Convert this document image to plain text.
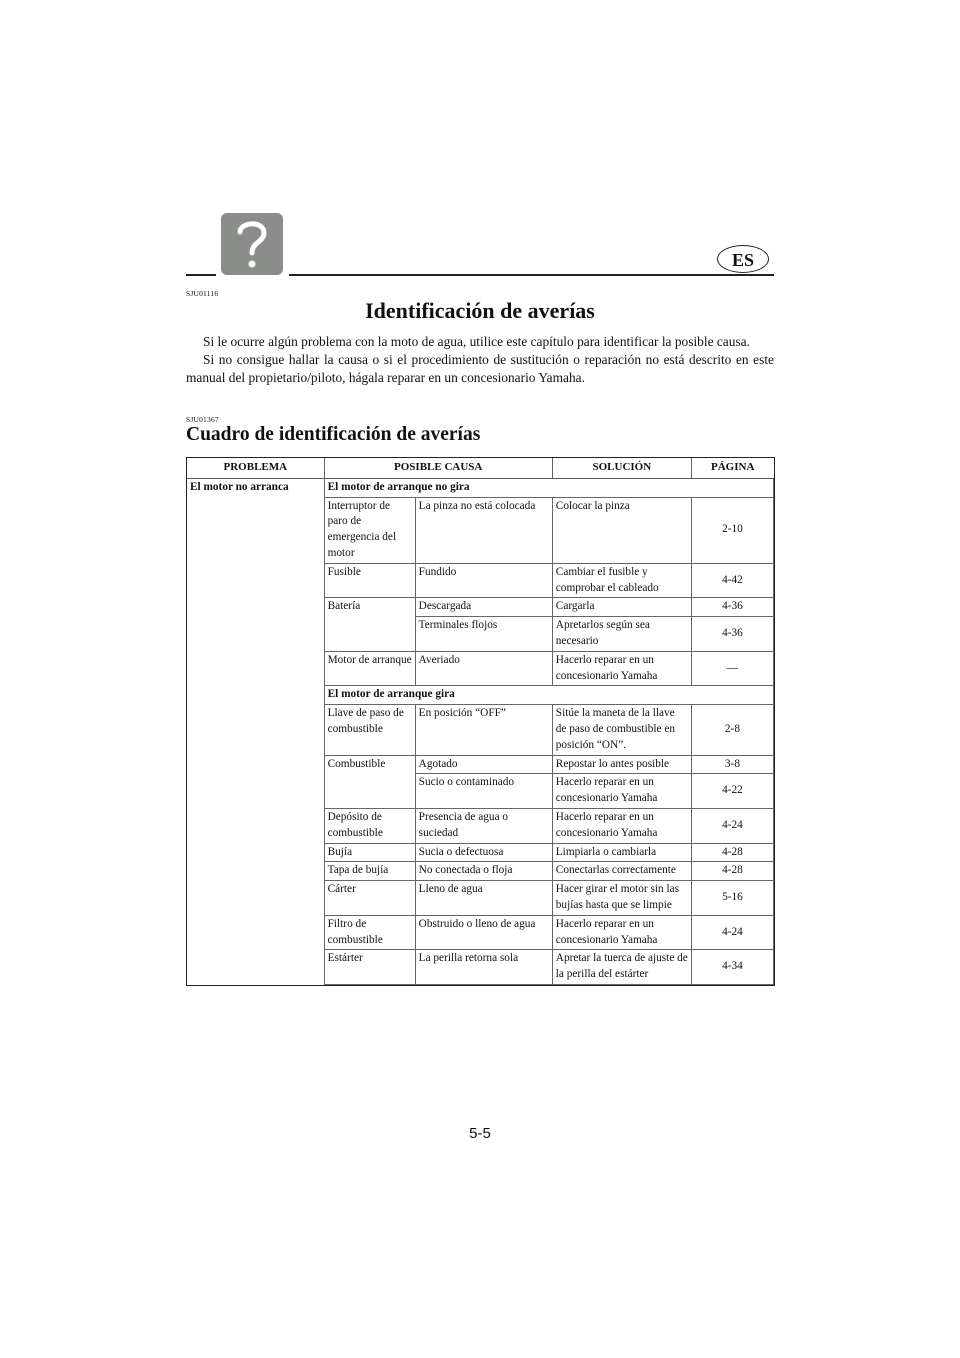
ES
SJU01116
Identificación de averías

Si le ocurre algún problema con la moto de agua, utilice este capítulo para identificar la posible causa.

Si no consigue hallar la causa o si el procedimiento de sustitución o reparación no está descrito en este manual del propietario/piloto, hágala reparar en un concesionario Yamaha.

SJU01367
Cuadro de identificación de averías
PROBLEMA	POSIBLE CAUSA		SOLUCIÓN	PÁGINA
El motor no arranca	El motor de arranque no gira			
	Interruptor de paro de emergencia del motor	La pinza no está colocada	Colocar la pinza	2-10
	Fusible	Fundido	Cambiar el fusible y comprobar el cableado	4-42
	Batería	Descargada	Cargarla	4-36
		Terminales flojos	Apretarlos según sea necesario	4-36
	Motor de arranque	Averiado	Hacerlo reparar en un concesionario Yamaha	—
	El motor de arranque gira			
	Llave de paso de combustible	En posición “OFF”	Sitúe la maneta de la llave de paso de combustible en posición “ON”.	2-8
	Combustible	Agotado	Repostar lo antes posible	3-8
		Sucio o contaminado	Hacerlo reparar en un concesionario Yamaha	4-22
	Depósito de combustible	Presencia de agua o suciedad	Hacerlo reparar en un concesionario Yamaha	4-24
	Bujía	Sucia o defectuosa	Limpiarla o cambiarla	4-28
	Tapa de bujía	No conectada o floja	Conectarlas correctamente	4-28
	Cárter	Lleno de agua	Hacer girar el motor sin las bujías hasta que se limpie	5-16
	Filtro de combustible	Obstruido o lleno de agua	Hacerlo reparar en un concesionario Yamaha	4-24
	Estárter	La perilla retorna sola	Apretar la tuerca de ajuste de la perilla del estárter	4-34
5-5
